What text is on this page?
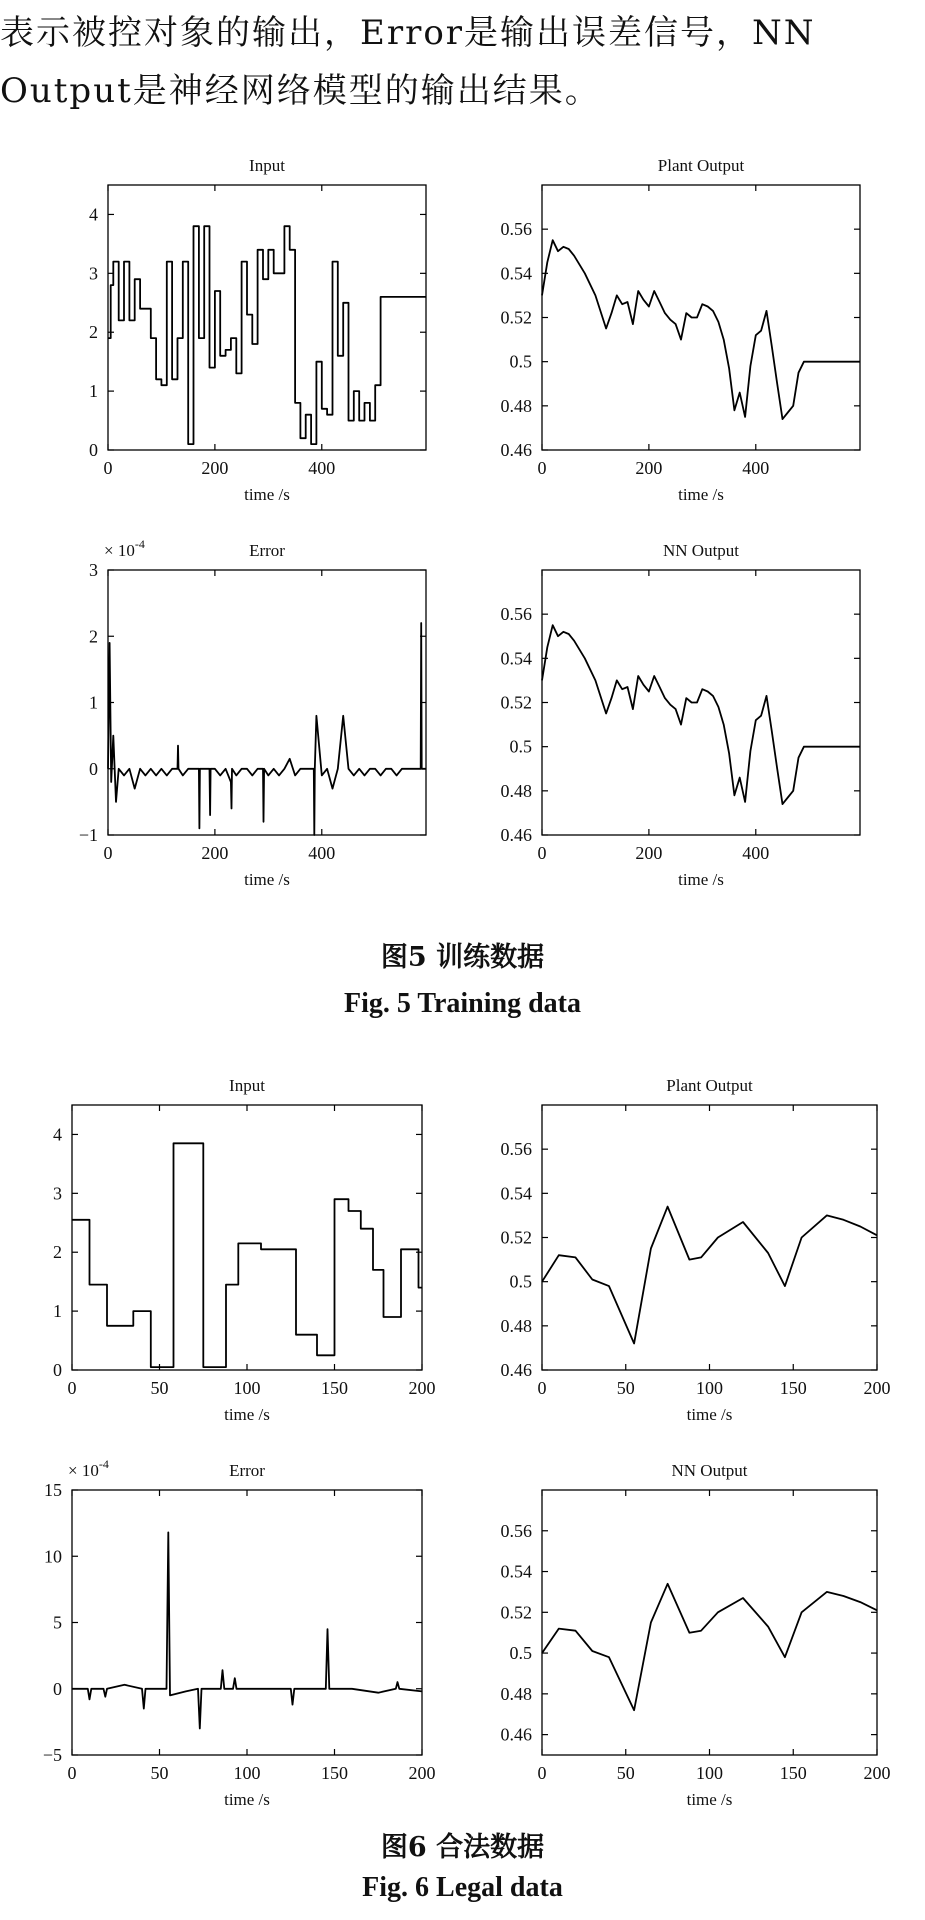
表示被控对象的输出，Error是输出误差信号，NN

Output是神经网络模型的输出结果。

Input
0
1
2
3
4
0	200	400
time /s
Plant Output
0.46
0.48
0.5
0.52
0.54
0.56
0	200	400
time /s
Error
× $10^{-4}$
−1
0
1
2
3
0	200	400
time /s
NN Output
0.46
0.48
0.5
0.52
0.54
0.56
0	200	400
time /s
图5 训练数据
Fig. 5 Training data
Input
0
1
2
3
4
0	50	100	150	200
time /s
Plant Output
0.46
0.48
0.5
0.52
0.54
0.56
0	50	100	150	200
time /s
Error
× $10^{-4}$
−5
0
5
10
15
0	50	100	150	200
time /s
NN Output
0.46
0.48
0.5
0.52
0.54
0.56
0	50	100	150	200
time /s
图6 合法数据
Fig. 6 Legal data
